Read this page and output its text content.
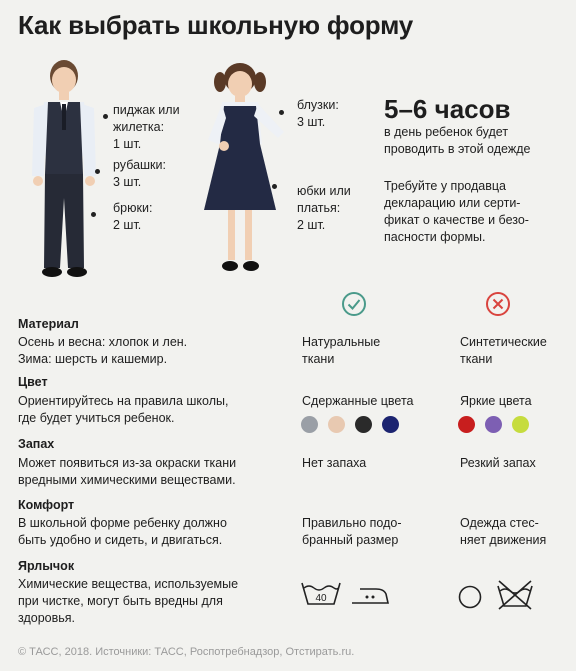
Как выбрать школьную форму
пиджак или
жилетка:
1 шт.
рубашки:
3 шт.
брюки:
2 шт.
блузки:
3 шт.
юбки или
платья:
2 шт.
5–6 часов
в день ребенок будет
проводить в этой одежде
Требуйте у продавца
декларацию или серти-
фикат о качестве и безо-
пасности формы.
Материал
Осень и весна: хлопок и лен.
Зима: шерсть и кашемир.
Натуральные
ткани
Синтетические
ткани
Цвет
Ориентируйтесь на правила школы,
где будет учиться ребенок.
Сдержанные цвета	Яркие цвета
Запах
Может появиться из-за окраски ткани
вредными химическими веществами.
Нет запаха	Резкий запах
Комфорт
В школьной форме ребенку должно
быть удобно и сидеть, и двигаться.
Правильно подо-
бранный размер
Одежда стес-
няет движения
Ярлычок
Химические вещества, используемые
при чистке, могут быть вредны для
здоровья.
40
© ТАСС, 2018. Источники: ТАСС, Роспотребнадзор, Отстирать.ru.
